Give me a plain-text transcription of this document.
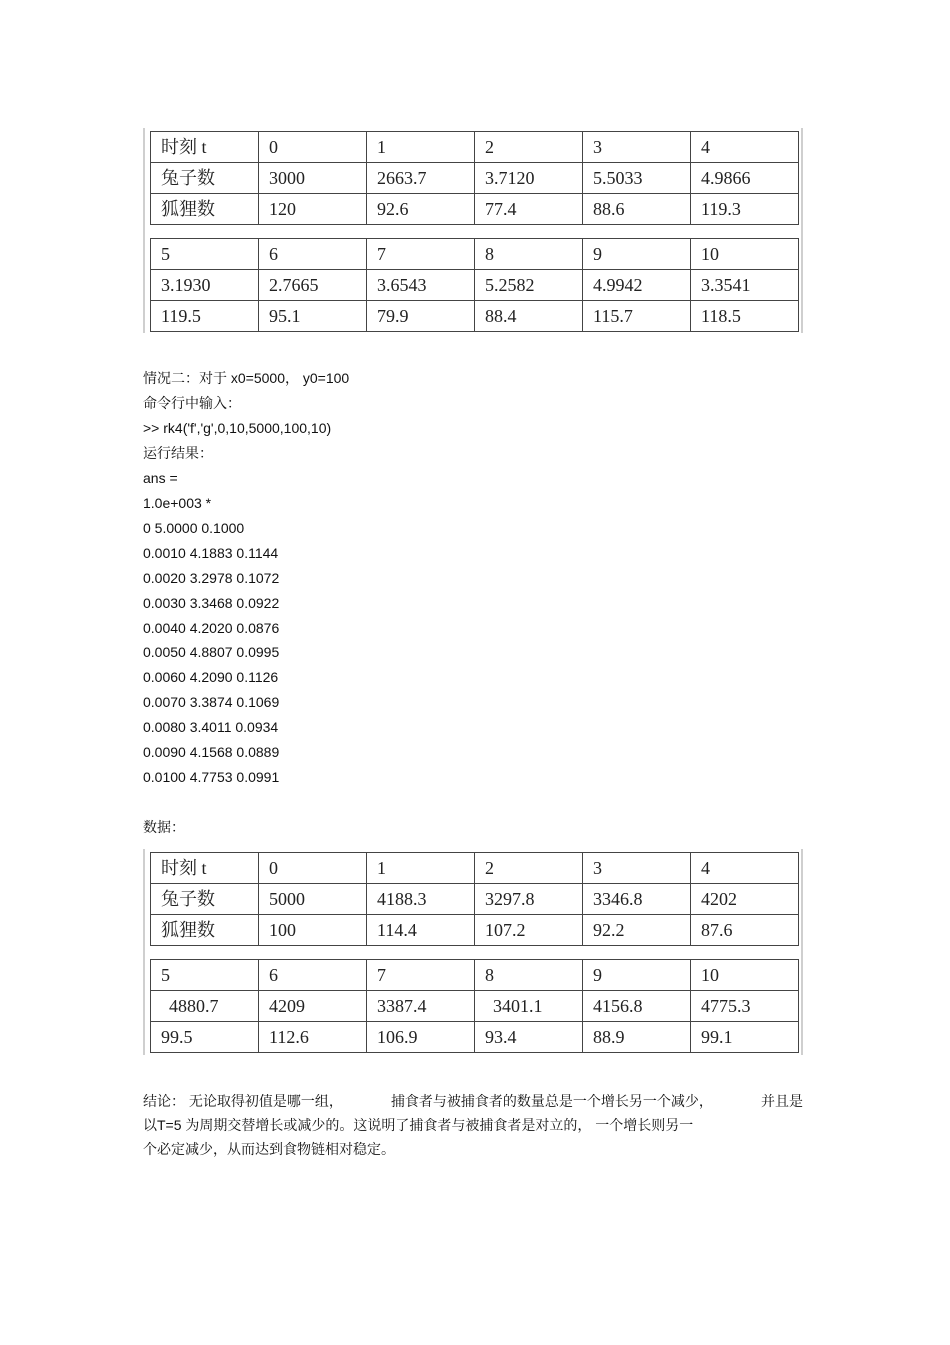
时刻 t	0	1	2	3	4
兔子数	3000	2663.7	3.7120	5.5033	4.9866
狐狸数	120	92.6	77.4	88.6	119.3
5	6	7	8	9	10
3.1930	2.7665	3.6543	5.2582	4.9942	3.3541
119.5	95.1	79.9	88.4	115.7	118.5
情况二：对于 x0=5000， y0=100
命令行中输入：
>> rk4('f','g',0,10,5000,100,10)
运行结果：
ans =
1.0e+003 *
0 5.0000 0.1000
0.0010 4.1883 0.1144
0.0020 3.2978 0.1072
0.0030 3.3468 0.0922
0.0040 4.2020 0.0876
0.0050 4.8807 0.0995
0.0060 4.2090 0.1126
0.0070 3.3874 0.1069
0.0080 3.4011 0.0934
0.0090 4.1568 0.0889
0.0100 4.7753 0.0991
数据：
时刻 t	0	1	2	3	4
兔子数	5000	4188.3	3297.8	3346.8	4202
狐狸数	100	114.4	107.2	92.2	87.6
5	6	7	8	9	10
4880.7	4209	3387.4	3401.1	4156.8	4775.3
99.5	112.6	106.9	93.4	88.9	99.1
结论： 无论取得初值是哪一组，	捕食者与被捕食者的数量总是一个增长另一个减少，	并且是
以T=5 为周期交替增长或减少的。这说明了捕食者与被捕食者是对立的， 一个增长则另一
个必定减少，从而达到食物链相对稳定。
